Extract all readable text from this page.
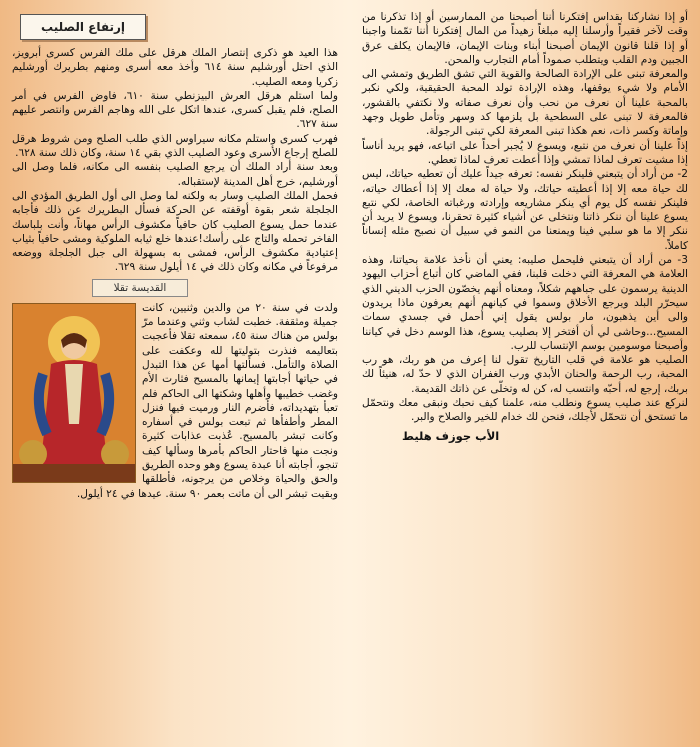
أو إذا نشاركنا بقداس إفتكرنا أننا أصبحنا من الممارسين أو إذا تذكرنا من وقت لآخر فقيراً وأرسلنا إليه مبلغاً زهيداً من المال إفتكرنا أننا تمّمنا واجبنا أو إذا قلنا قانون الإيمان أصبحنا أبناء وبنات الإيمان، فالإيمان يكلف عرق الجبين ودم القلب ويتطلب صموداً أمام التجارب والمحن.

والمعرفة تبنى على الإرادة الصالحة والقوية التي تشق الطريق وتمشي الى الأمام ولا شيء يوقفها، وهذه الإرادة تولد المحبة الحقيقية، ولكي نكبر بالمحبة علينا أن نعرف من نحب وأن نعرف صفاته ولا نكتفي بالقشور، فالمعرفة لا تبنى على السطحية بل يلزمها كد وسهر وتأمل طويل وجهد وإماتة وكسر ذات، نعم هكذا تبنى المعرفة لكي تبنى الرجولة.

إذاً علينا أن نعرف من نتبع، ويسوع لا يُجبر أحداً على اتباعه، فهو يريد أناساً إذا مشيت تعرف لماذا تمشي وإذا أعطت تعرف لماذا تعطي.

2- من أراد أن يتبعني فلينكر نفسه: تعرفه جيداً عليك أن تعطيه حياتك، ليس لك حياة معه إلا إذا أعطيته حياتك، ولا حياة له معك إلا إذا أعطاك حياته، فلينكر نفسه كل يوم أي ينكر مشاريعه وإرادته ورغباته الخاصة، لكي نتبع يسوع علينا أن ننكر ذاتنا ونتخلى عن أشياء كثيرة تحقرنا، ويسوع لا يريد أن ننكر إلا ما هو سلبي فينا ويمنعنا من النمو في سبيل أن نصبح مثله إنساناً كاملاً.

3- من أراد أن يتبعني فليحمل صليبه: يعني أن نأخذ علامة بحياتنا، وهذه العلامة هي المعرفة التي دخلت قلبنا، ففي الماضي كان أتباع أحزاب اليهود الدينية يرسمون على جباههم شكلاً، ومعناه أنهم يخصّون الحزب الديني الذي سيحرّر البلد ويرجع الأخلاق وسموا في كيانهم أنهم يعرفون ماذا يريدون والى أين يذهبون، مار بولس يقول إني أحمل في جسدي سمات المسيح...وحاشى لي أن أفتخر إلا بصليب يسوع، هذا الوسم دخل في كياننا وأصبحنا موسومين بوسم الإنتساب للرب.

الصليب هو علامة في قلب التاريخ تقول لنا إعرف من هو ربك، هو رب المحبة، رب الرحمة والحنان الأبدي ورب الغفران الذي لا حدّ له، هنيئاً لك بربك، إرجع له، أحبّه وانتسب له، كن له وتخلّى عن ذاتك القديمة.

لنركع عند صليب يسوع ونطلب منه، علمنا كيف نحبك ونبقى معك ونتحمّل ما تستحق أن نتحمّل لأجلك، فنحن لك خدام للخير والصلاح والبر.

الأب جوزف هليط
إرتفاع الصليب

هذا العيد هو ذكرى إنتصار الملك هرقل على ملك الفرس كسرى أبرويز، الذي احتل أورشليم سنة ٦١٤ وأخذ معه أسرى ومنهم بطريرك أورشليم زكريا ومعه الصليب.

ولما استلم هرقل العرش البيزنطي سنة ٦١٠، فاوض الفرس في أمر الصلح، فلم يقبل كسرى، عندها اتكل على الله وهاجم الفرس وانتصر عليهم سنة ٦٢٧.

فهرب كسرى واستلم مكانه سيراوس الذي طلب الصلح ومن شروط هرقل للصلح إرجاع الأسرى وعود الصليب الذي بقي ١٤ سنة، وكان ذلك سنة ٦٢٨.

وبعد سنة أراد الملك أن يرجع الصليب بنفسه الى مكانه، فلما وصل الى أورشليم، خرج أهل المدينة لإستقباله.

فحمل الملك الصليب وسار به ولكنه لما وصل الى أول الطريق المؤدي الى الجلجلة شعر بقوة أوقفته عن الحركة فسأل البطريرك عن ذلك فأجابه عندما حمل يسوع الصليب كان حافياً مكشوف الرأس مهاناً، وأنت بلباسك الفاخر تحمله والتاج على رأسك!عندها خلع ثيابه الملوكية ومشى حافياً بثياب إعتيادية مكشوف الرأس، فمشى به بسهولة الى جبل الجلجلة ووضعه مرفوعاً في مكانه وكان ذلك في ١٤ أيلول سنة ٦٢٩.

القديسة تقلا

ولدت في سنة ٢٠ من والدين وثنيين، كانت جميلة ومثقفة. خطبت لشاب وثني وعندما مرّ بولس من هناك سنة ٤٥، سمعته تقلا فأعجبت بتعاليمه فنذرت بتوليتها لله وعكفت على الصلاة والتأمل. فسألتها أمها عن هذا التبدل في حياتها أجابتها إيمانها بالمسيح فثارت الأم وغضب خطيبها وأهلها وشكتها الى الحاكم فلم تعبأ بتهديداته، فأضرم النار ورميت فيها فنزل المطر وأطفأها ثم تبعت بولس في أسفاره وكانت تبشر بالمسيح. عُذبت عذابات كثيرة ونجت منها فاحتار الحاكم بأمرها وسألها كيف تنجو، أجابته أنا عبدة يسوع وهو وحده الطريق والحق والحياة وخلاص من يرجونه، فأطلقها وبقيت تبشر الى أن ماتت بعمر ٩٠ سنة. عيدها في ٢٤ أيلول.
